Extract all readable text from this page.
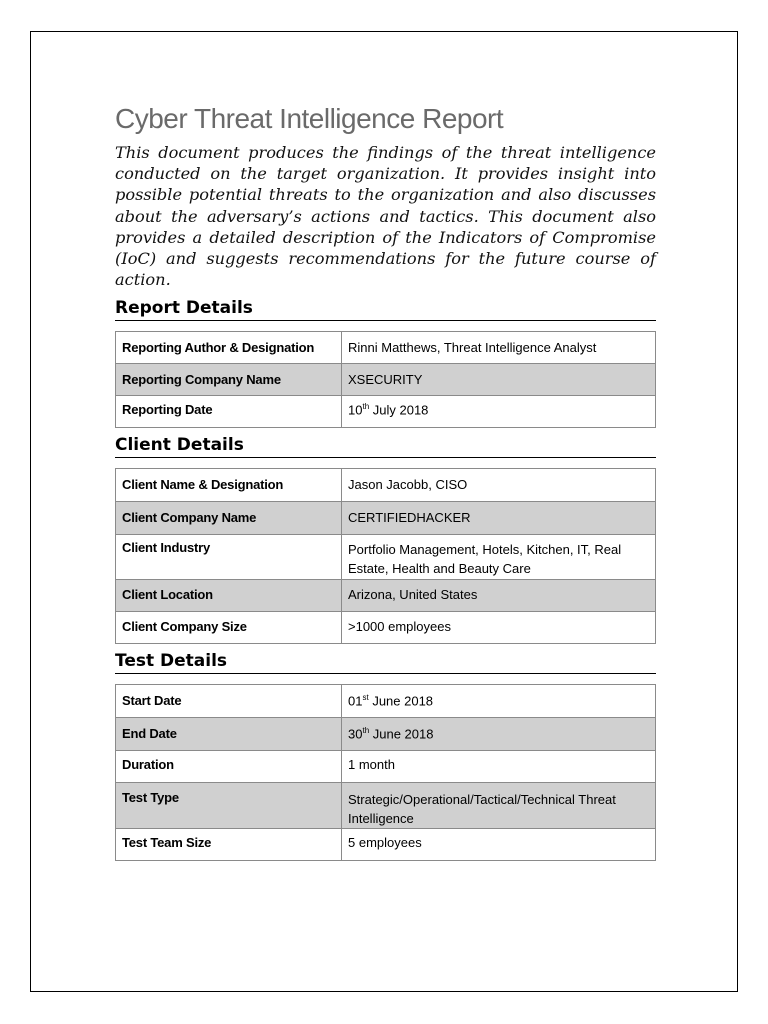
Cyber Threat Intelligence Report

This document produces the findings of the threat intelligence conducted on the target organization. It provides insight into possible potential threats to the organization and also discusses about the adversary’s actions and tactics. This document also provides a detailed description of the Indicators of Compromise (IoC) and suggests recommendations for the future course of action.

Report Details
Reporting Author & Designation	Rinni Matthews, Threat Intelligence Analyst
Reporting Company Name	XSECURITY
Reporting Date	10th July 2018
Client Details
Client Name & Designation	Jason Jacobb, CISO
Client Company Name	CERTIFIEDHACKER
Client Industry	Portfolio Management, Hotels, Kitchen, IT, Real Estate, Health and Beauty Care
Client Location	Arizona, United States
Client Company Size	>1000 employees
Test Details
Start Date	01st June 2018
End Date	30th June 2018
Duration	1 month
Test Type	Strategic/Operational/Tactical/Technical Threat Intelligence
Test Team Size	5 employees
